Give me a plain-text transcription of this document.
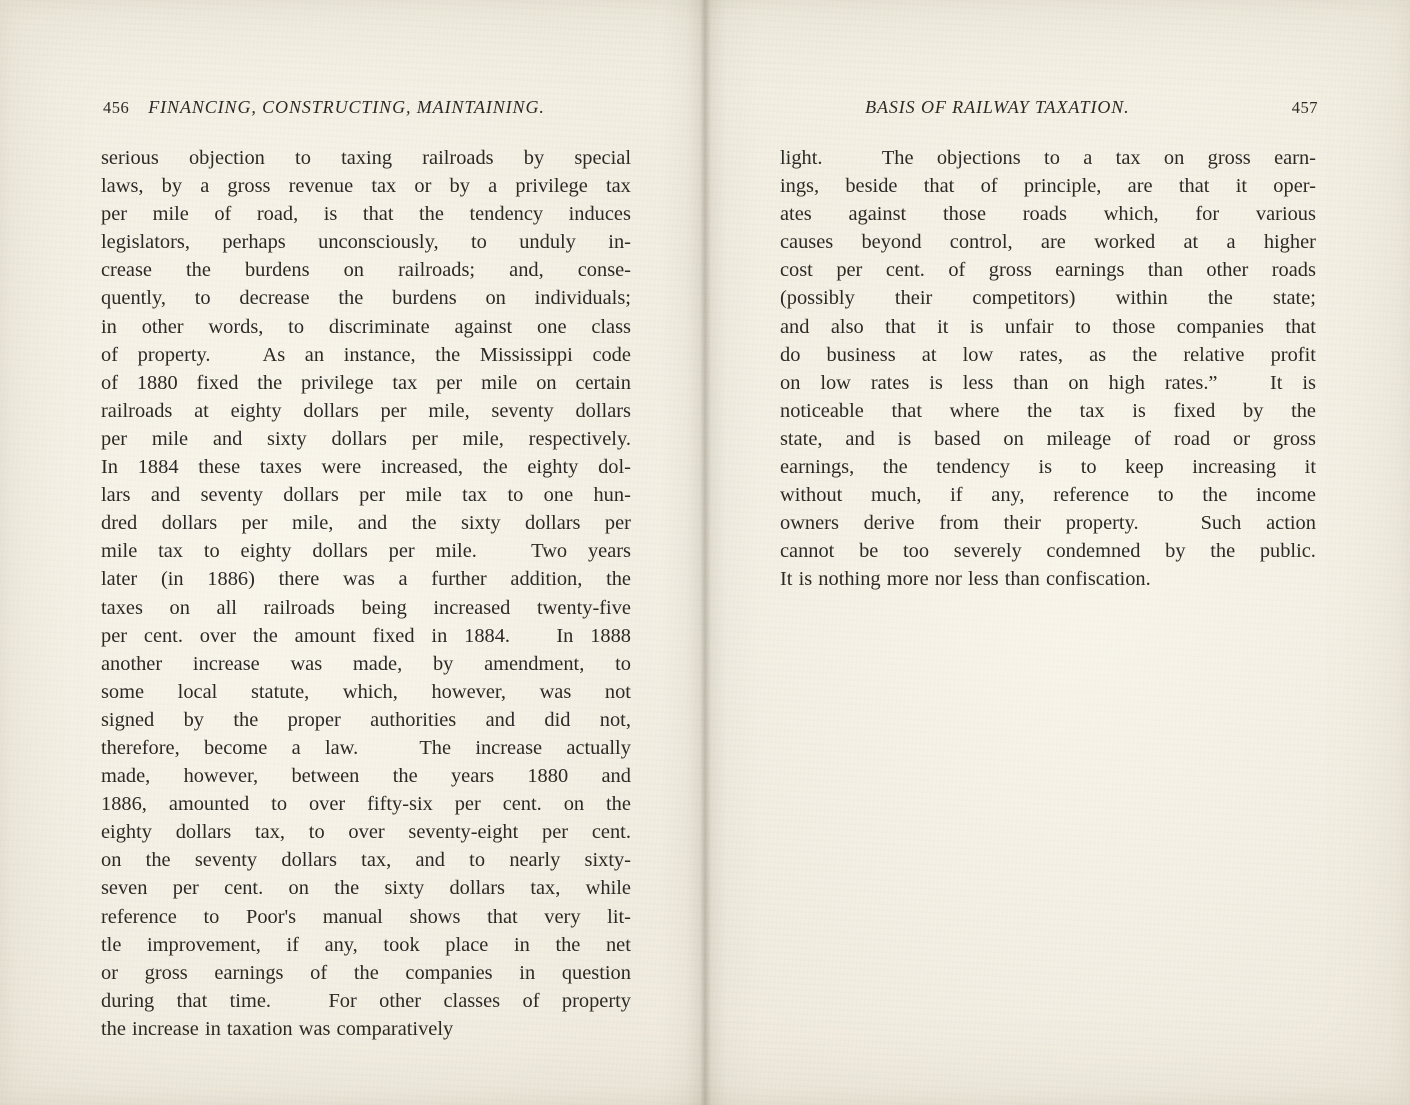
456 FINANCING, CONSTRUCTING, MAINTAINING.
serious objection to taxing railroads by special
laws, by a gross revenue tax or by a privilege tax
per mile of road, is that the tendency induces
legislators, perhaps unconsciously, to unduly in-
crease the burdens on railroads; and, conse-
quently, to decrease the burdens on individuals;
in other words, to discriminate against one class
of property.	As an instance, the Mississippi code
of 1880 fixed the privilege tax per mile on certain
railroads at eighty dollars per mile, seventy dollars
per mile and sixty dollars per mile, respectively.
In 1884 these taxes were increased, the eighty dol-
lars and seventy dollars per mile tax to one hun-
dred dollars per mile, and the sixty dollars per
mile tax to eighty dollars per mile.	Two years
later (in 1886) there was a further addition, the
taxes on all railroads being increased twenty-five
per cent. over the amount fixed in 1884. In 1888
another increase was made, by amendment, to
some local statute, which, however, was not
signed by the proper authorities and did not,
therefore, become a law.	The increase actually
made, however, between the years 1880 and
1886, amounted to over fifty-six per cent. on the
eighty dollars tax, to over seventy-eight per cent.
on the seventy dollars tax, and to nearly sixty-
seven per cent. on the sixty dollars tax, while
reference to Poor's manual shows that very lit-
tle improvement, if any, took place in the net
or gross earnings of the companies in question
during that time.	For other classes of property
the increase in taxation was comparatively
BASIS OF RAILWAY TAXATION.	457
light.	The objections to a tax on gross earn-
ings, beside that of principle, are that it oper-
ates against those roads which, for various
causes beyond control, are worked at a higher
cost per cent. of gross earnings than other roads
(possibly their competitors) within the state;
and also that it is unfair to those companies that
do business at low rates, as the relative profit
on low rates is less than on high rates.”	It is
noticeable that where the tax is fixed by the
state, and is based on mileage of road or gross
earnings, the tendency is to keep increasing it
without much, if any, reference to the income
owners derive from their property.	Such action
cannot be too severely condemned by the public.
It is nothing more nor less than confiscation.
